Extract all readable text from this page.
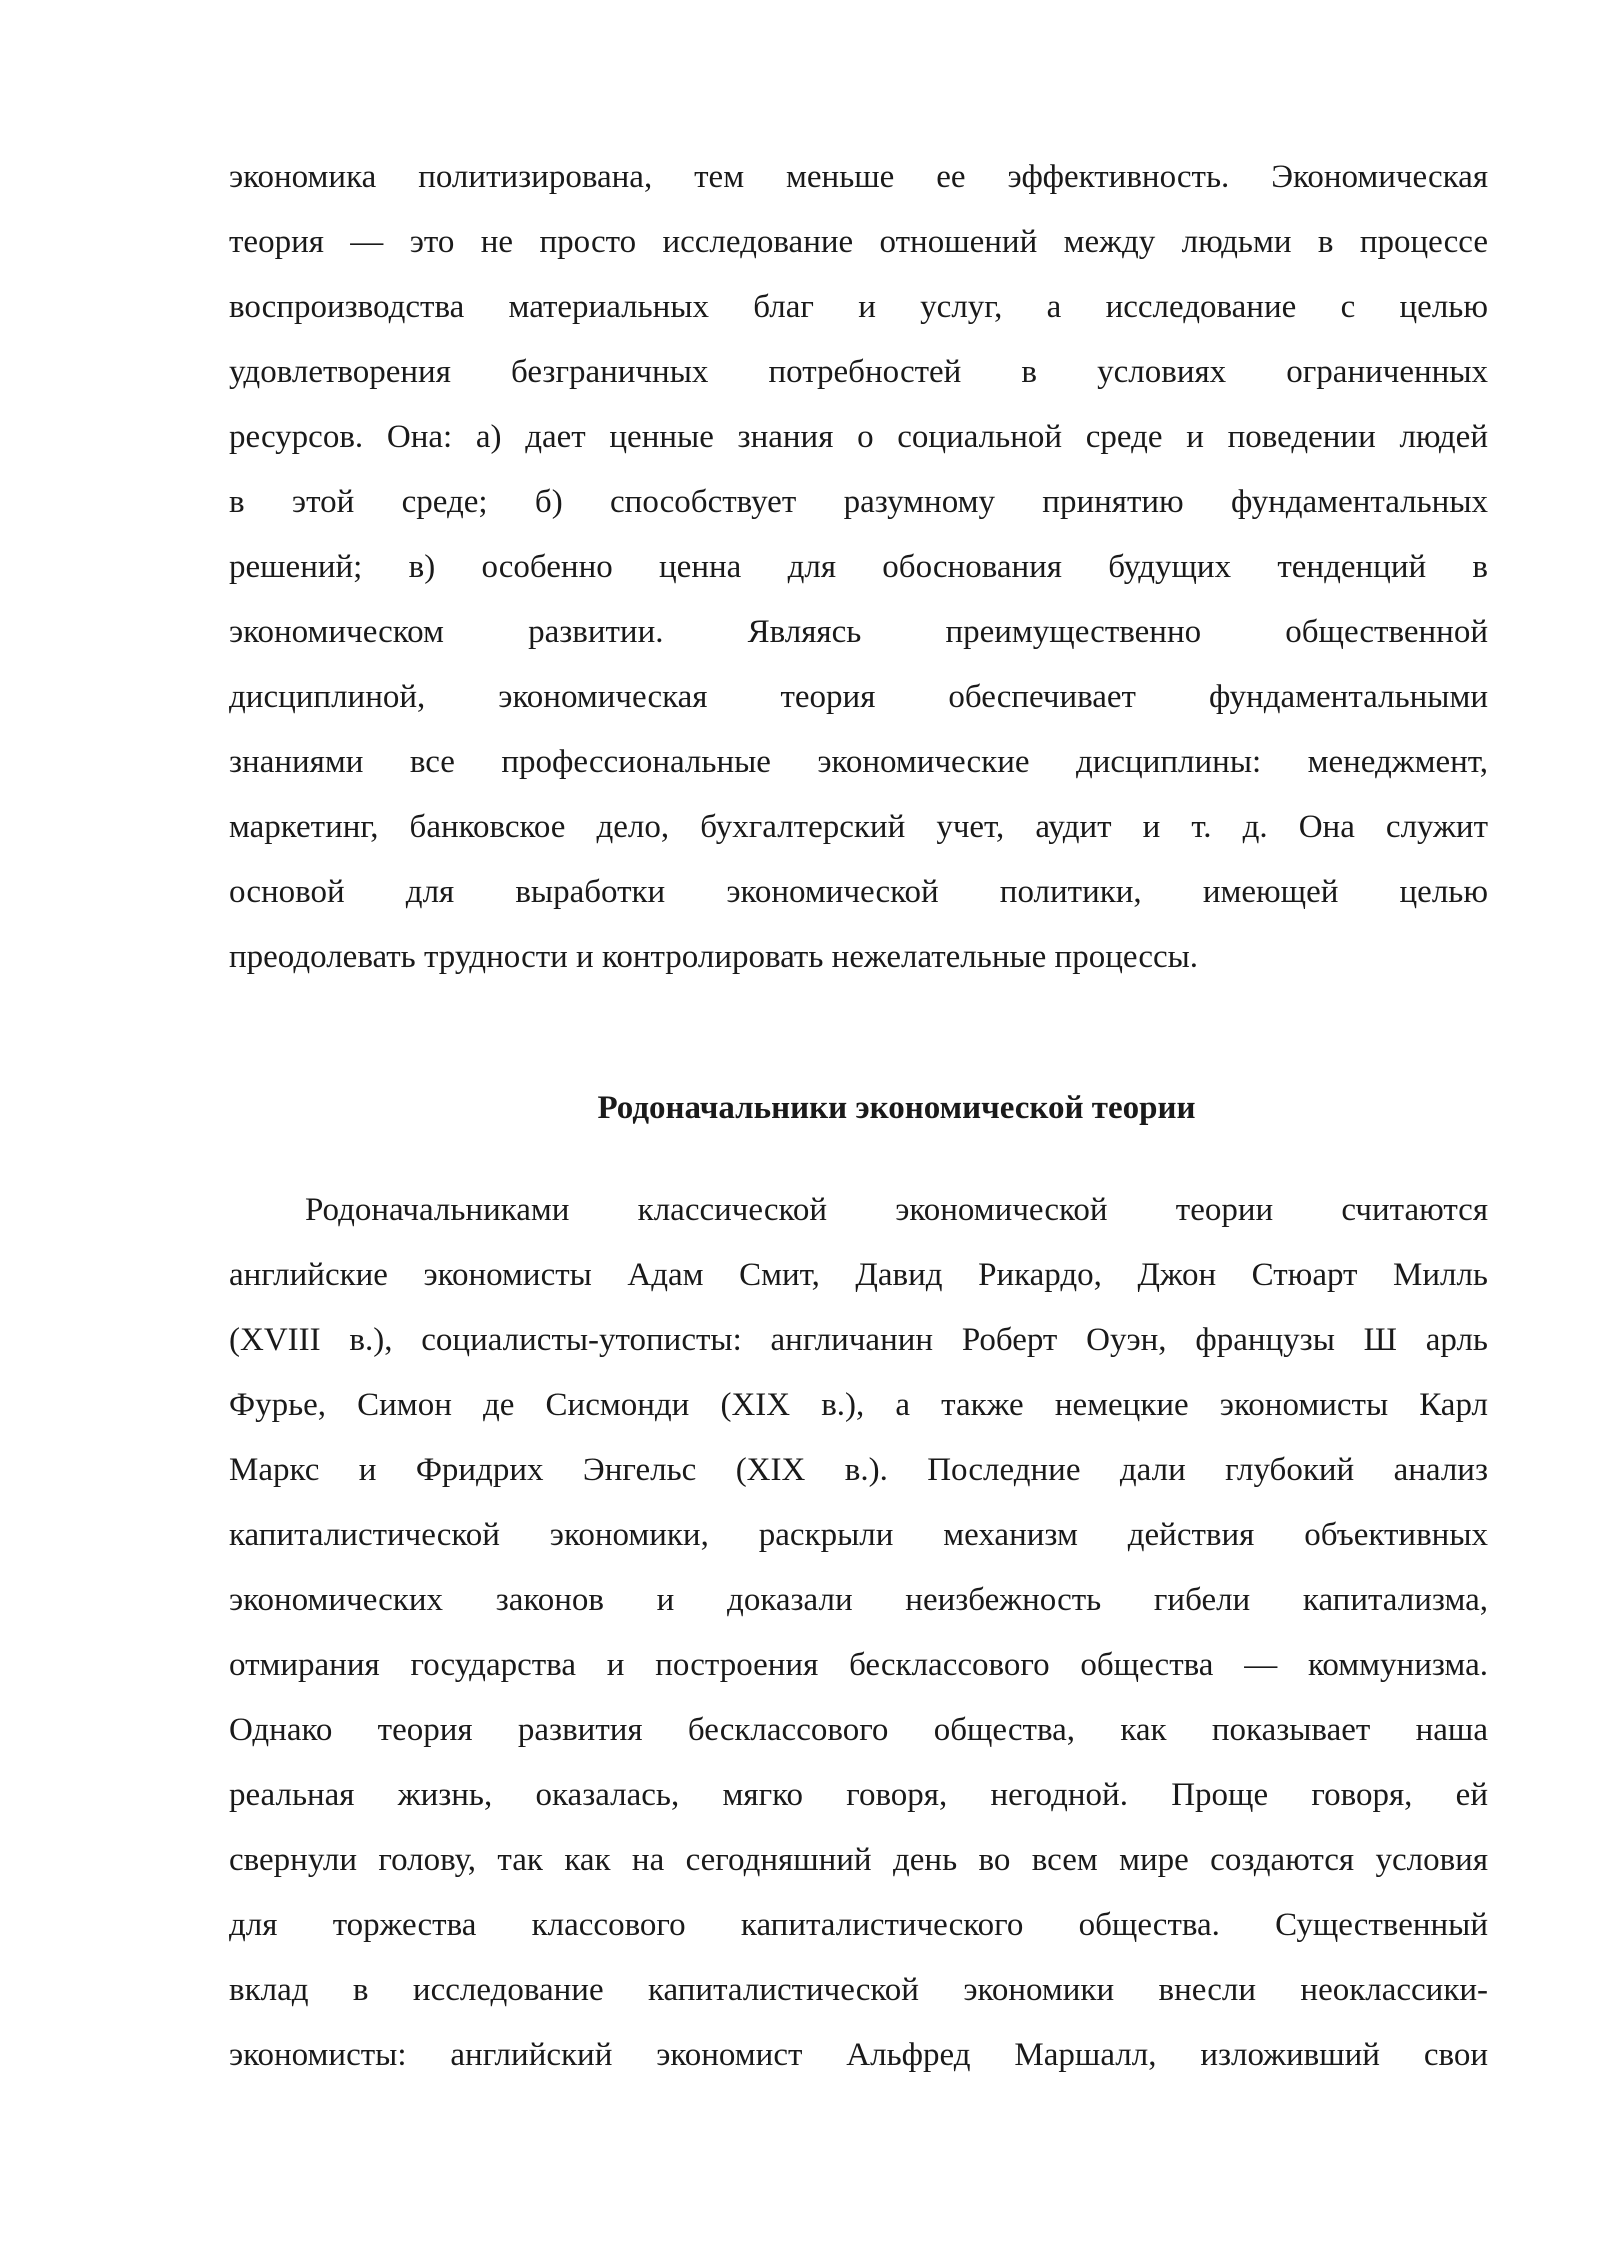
экономика политизирована, тем меньше ее эффективность. Экономическая
теория — это не просто исследование отношений между людьми в процессе
воспроизводства материальных благ и услуг, а исследование с целью
удовлетворения безграничных потребностей в условиях ограниченных
ресурсов. Она: а) дает ценные знания о социальной среде и поведении людей
в этой среде; б) способствует разумному принятию фундаментальных
решений; в) особенно ценна для обоснования будущих тенденций в
экономическом развитии. Являясь преимущественно общественной
дисциплиной, экономическая теория обеспечивает фундаментальными
знаниями все профессиональные экономические дисциплины: менеджмент,
маркетинг, банковское дело, бухгалтерский учет, аудит и т. д. Она служит
основой для выработки экономической политики, имеющей целью
преодолевать трудности и контролировать нежелательные процессы.
Родоначальники экономической теории
Родоначальниками классической экономической теории считаются
английские экономисты Адам Смит, Давид Рикардо, Джон Стюарт Милль
(XVIII в.), социалисты-утописты: англичанин Роберт Оуэн, французы Ш арль
Фурье, Симон де Сисмонди (XIX в.), а также немецкие экономисты Карл
Маркс и Фридрих Энгельс (XIX в.). Последние дали глубокий анализ
капиталистической экономики, раскрыли механизм действия объективных
экономических законов и доказали неизбежность гибели капитализма,
отмирания государства и построения бесклассового общества — коммунизма.
Однако теория развития бесклассового общества, как показывает наша
реальная жизнь, оказалась, мягко говоря, негодной. Проще говоря, ей
свернули голову, так как на сегодняшний день во всем мире создаются условия
для торжества классового капиталистического общества. Существенный
вклад в исследование капиталистической экономики внесли неоклассики-
экономисты: английский экономист Альфред Маршалл, изложивший свои
